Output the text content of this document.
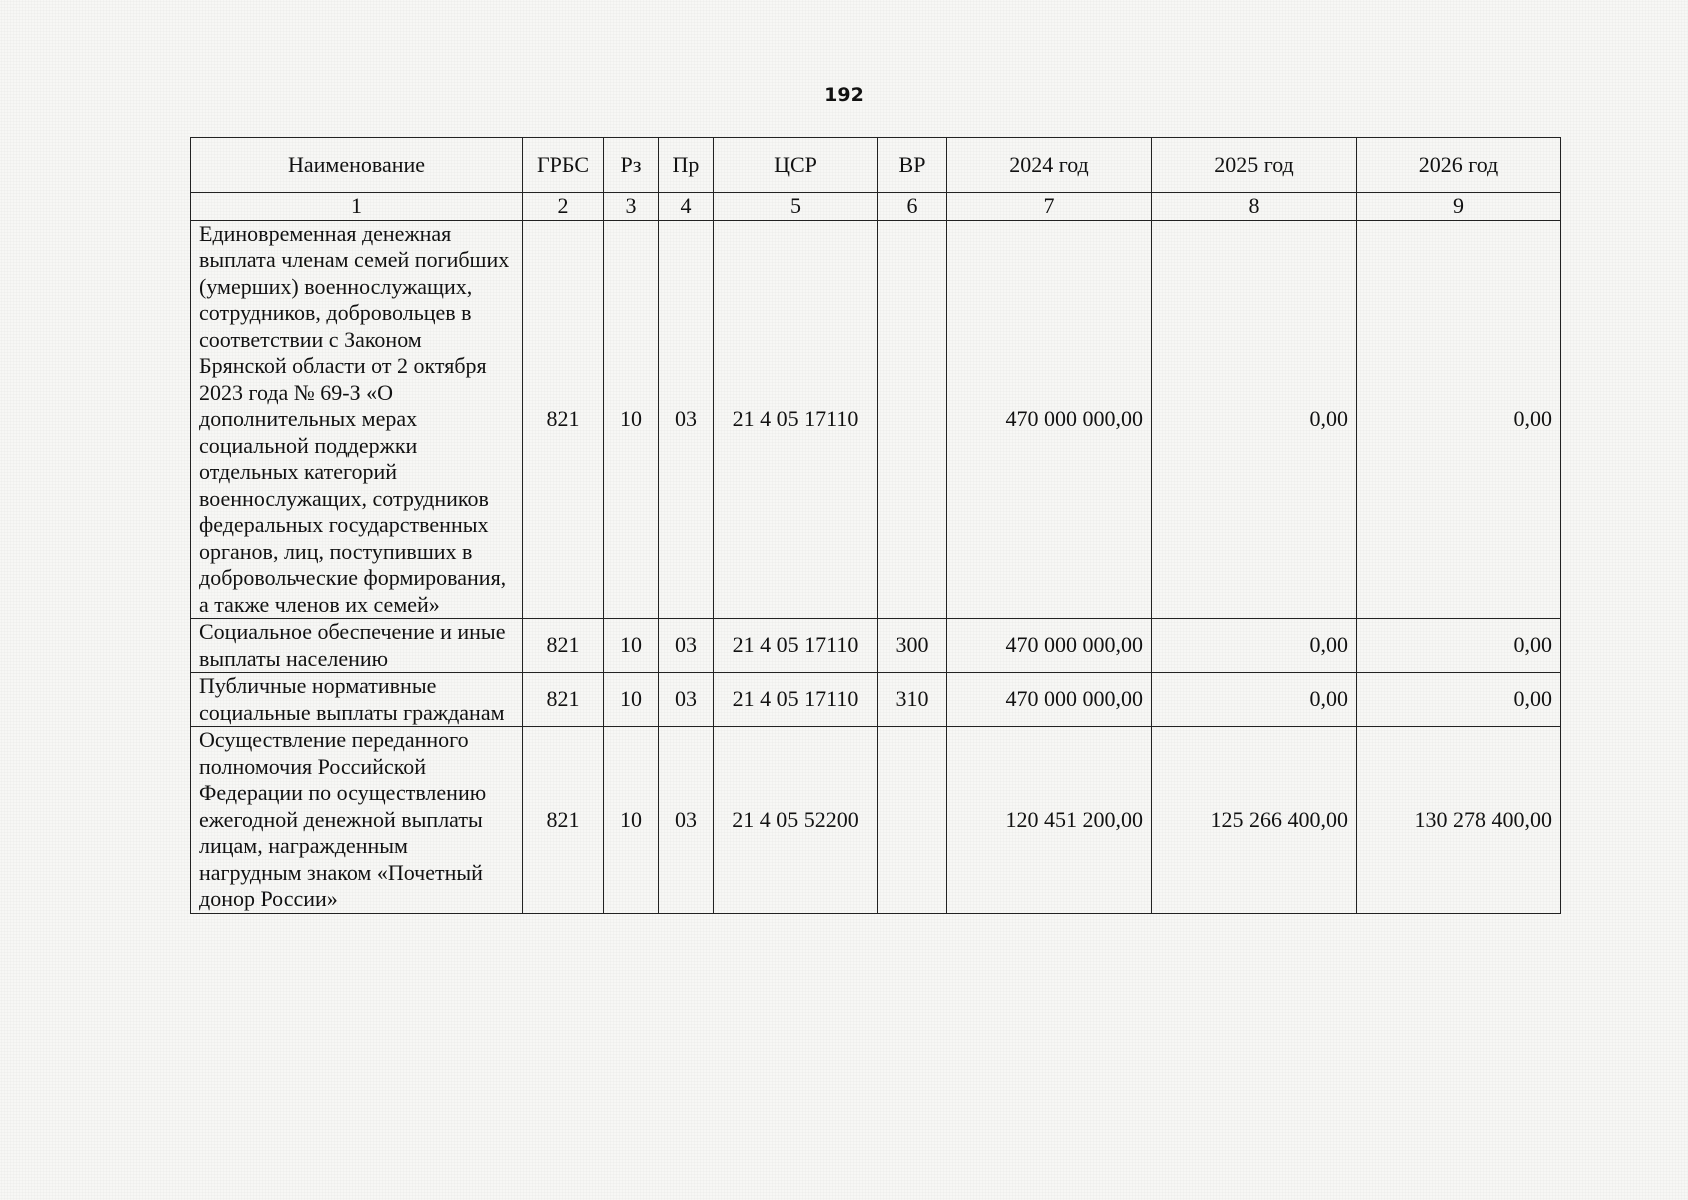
192
Наименование	ГРБС	Рз	Пр	ЦСР	ВР	2024 год	2025 год	2026 год
1	2	3	4	5	6	7	8	9
Единовременная денежная выплата членам семей погибших (умерших) военнослужащих, сотрудников, добровольцев в соответствии с Законом Брянской области от 2 октября 2023 года № 69-З «О дополнительных мерах социальной поддержки отдельных категорий военнослужащих, сотрудников федеральных государственных органов, лиц, поступивших в добровольческие формирования, а также членов их семей»	821	10	03	21 4 05 17110		470 000 000,00	0,00	0,00
Социальное обеспечение и иные выплаты населению	821	10	03	21 4 05 17110	300	470 000 000,00	0,00	0,00
Публичные нормативные социальные выплаты гражданам	821	10	03	21 4 05 17110	310	470 000 000,00	0,00	0,00
Осуществление переданного полномочия Российской Федерации по осуществлению ежегодной денежной выплаты лицам, награжденным нагрудным знаком «Почетный донор России»	821	10	03	21 4 05 52200		120 451 200,00	125 266 400,00	130 278 400,00
